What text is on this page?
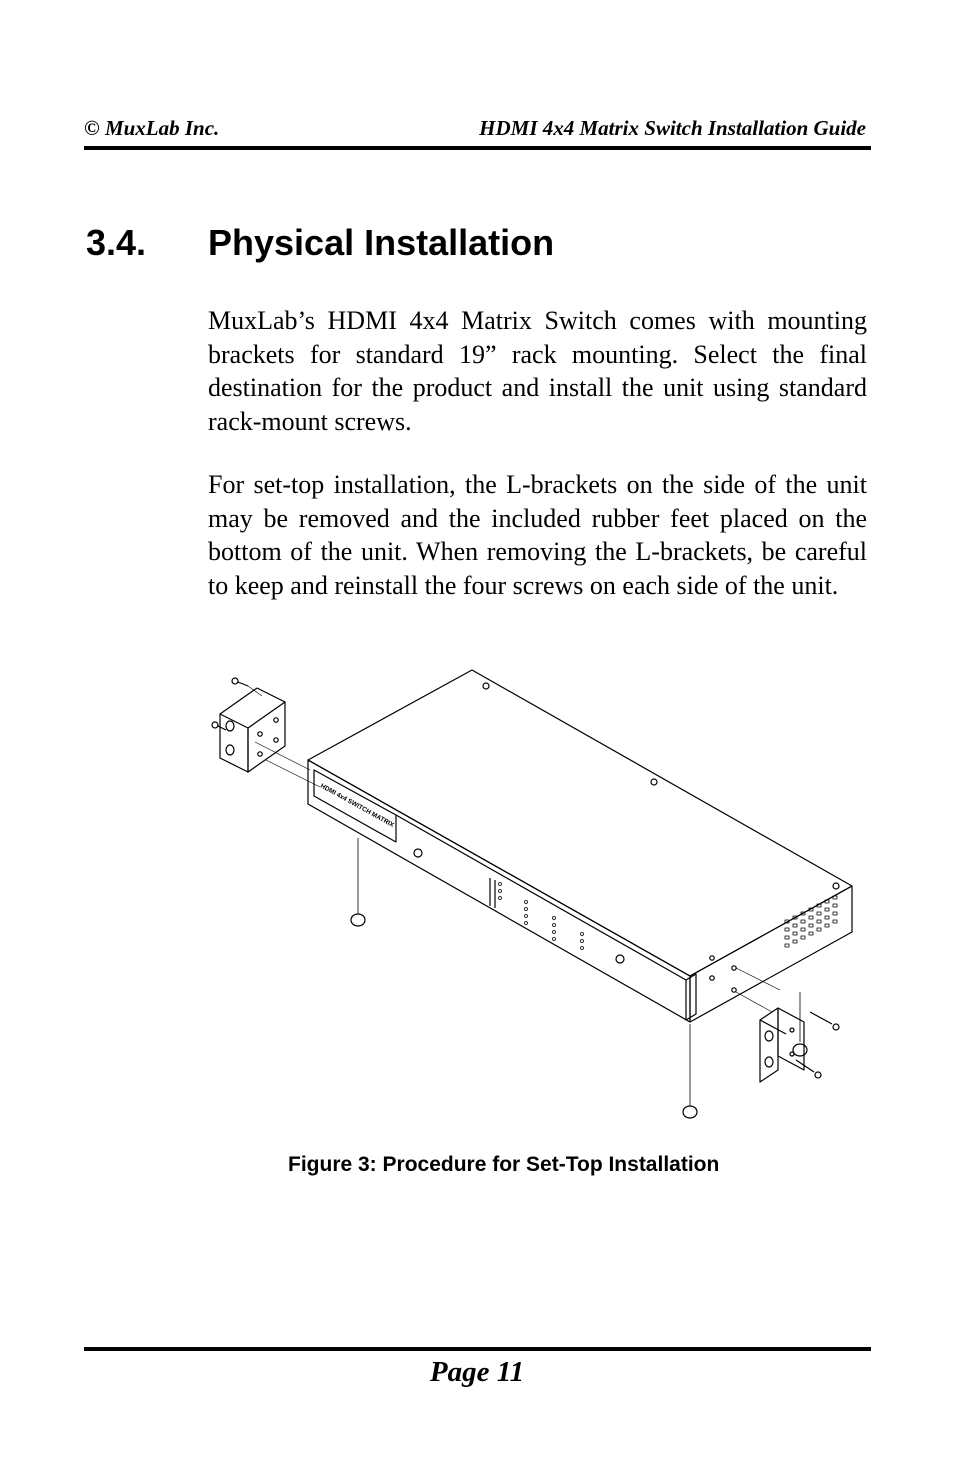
© MuxLab Inc.	HDMI 4x4 Matrix Switch Installation Guide
3.4. Physical Installation

MuxLab’s HDMI 4x4 Matrix Switch comes with mounting brackets for standard 19” rack mounting. Select the final destination for the product and install the unit using standard rack-mount screws.

For set-top installation, the L-brackets on the side of the unit may be removed and the included rubber feet placed on the bottom of the unit. When removing the L-brackets, be careful to keep and reinstall the four screws on each side of the unit.

HDMI 4x4 SWITCH MATRIX
Figure 3: Procedure for Set-Top Installation
Page 11
